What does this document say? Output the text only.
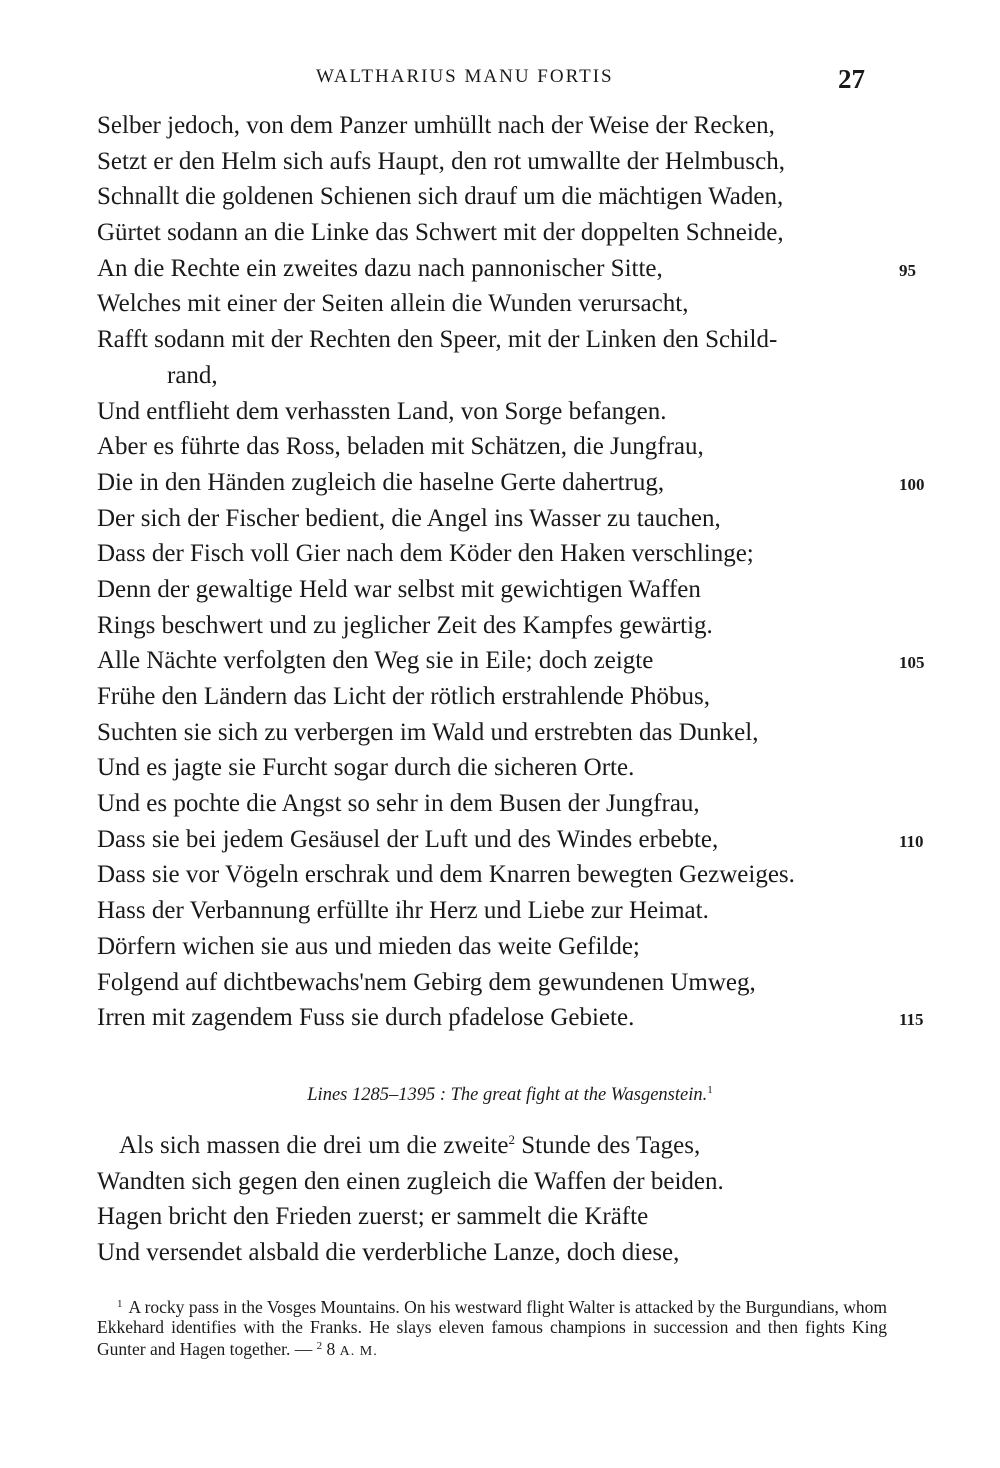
WALTHARIUS MANU FORTIS	27
Selber jedoch, von dem Panzer umhüllt nach der Weise der Recken,
Setzt er den Helm sich aufs Haupt, den rot umwallte der Helmbusch,
Schnallt die goldenen Schienen sich drauf um die mächtigen Waden,
Gürtet sodann an die Linke das Schwert mit der doppelten Schneide,
An die Rechte ein zweites dazu nach pannonischer Sitte,	95
Welches mit einer der Seiten allein die Wunden verursacht,
Rafft sodann mit der Rechten den Speer, mit der Linken den Schild-
rand,
Und entflieht dem verhassten Land, von Sorge befangen.
Aber es führte das Ross, beladen mit Schätzen, die Jungfrau,
Die in den Händen zugleich die haselne Gerte dahertrug,	100
Der sich der Fischer bedient, die Angel ins Wasser zu tauchen,
Dass der Fisch voll Gier nach dem Köder den Haken verschlinge;
Denn der gewaltige Held war selbst mit gewichtigen Waffen
Rings beschwert und zu jeglicher Zeit des Kampfes gewärtig.
Alle Nächte verfolgten den Weg sie in Eile; doch zeigte	105
Frühe den Ländern das Licht der rötlich erstrahlende Phöbus,
Suchten sie sich zu verbergen im Wald und erstrebten das Dunkel,
Und es jagte sie Furcht sogar durch die sicheren Orte.
Und es pochte die Angst so sehr in dem Busen der Jungfrau,
Dass sie bei jedem Gesäusel der Luft und des Windes erbebte,	110
Dass sie vor Vögeln erschrak und dem Knarren bewegten Gezweiges.
Hass der Verbannung erfüllte ihr Herz und Liebe zur Heimat.
Dörfern wichen sie aus und mieden das weite Gefilde;
Folgend auf dichtbewachs'nem Gebirg dem gewundenen Umweg,
Irren mit zagendem Fuss sie durch pfadelose Gebiete.	115
Lines 1285–1395 : The great fight at the Wasgenstein.$^1$
Als sich massen die drei um die zweite$^2$ Stunde des Tages,
Wandten sich gegen den einen zugleich die Waffen der beiden.
Hagen bricht den Frieden zuerst; er sammelt die Kräfte
Und versendet alsbald die verderbliche Lanze, doch diese,
$^1$ A rocky pass in the Vosges Mountains. On his westward flight Walter is attacked by the Burgundians, whom Ekkehard identifies with the Franks. He slays eleven famous champions in succession and then fights King Gunter and Hagen together. — $^2$ 8 A. M.
